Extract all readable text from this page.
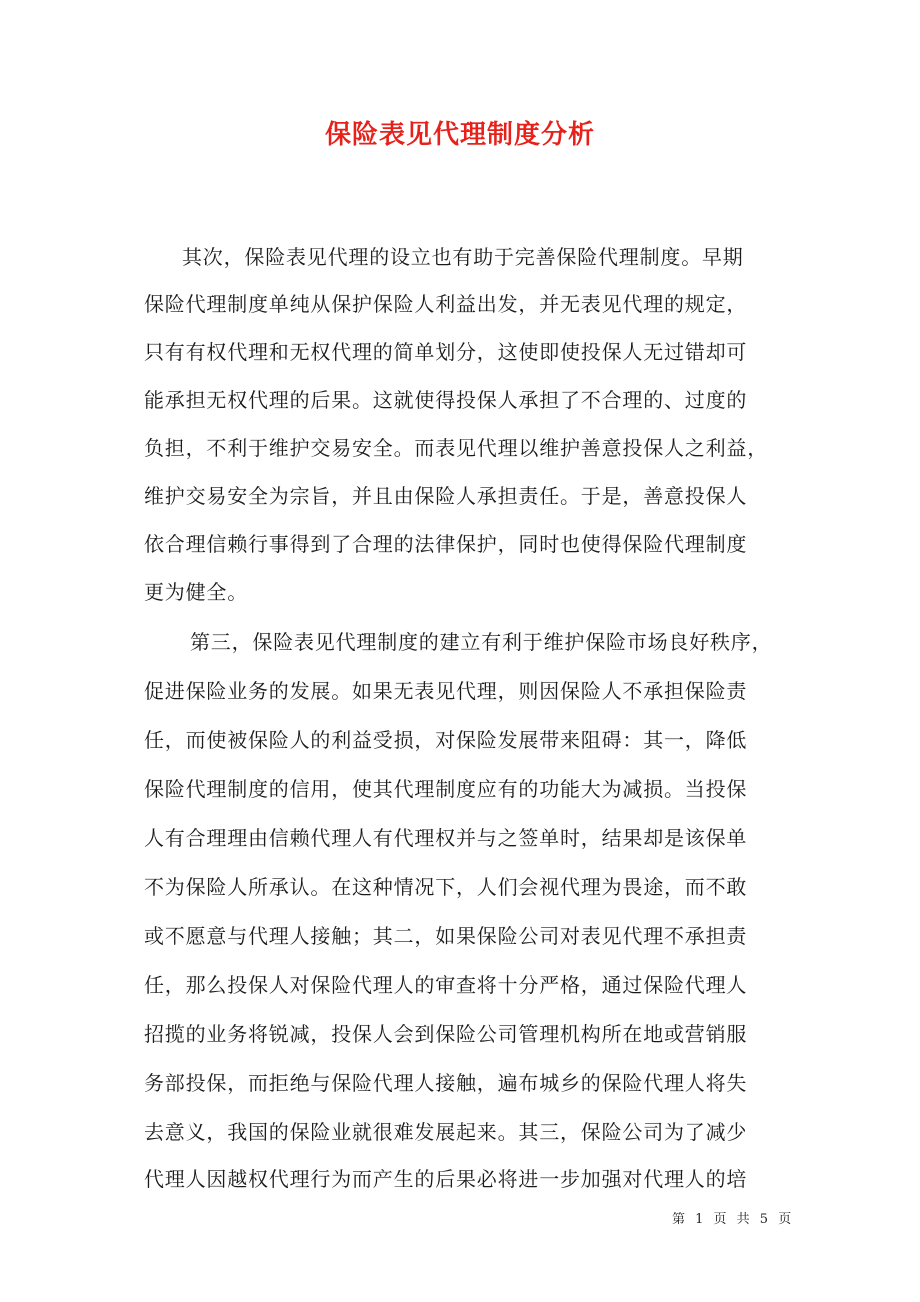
保险表见代理制度分析
其次，保险表见代理的设立也有助于完善保险代理制度。早期
保险代理制度单纯从保护保险人利益出发，并无表见代理的规定，
只有有权代理和无权代理的简单划分，这使即使投保人无过错却可
能承担无权代理的后果。这就使得投保人承担了不合理的、过度的
负担，不利于维护交易安全。而表见代理以维护善意投保人之利益，
维护交易安全为宗旨，并且由保险人承担责任。于是，善意投保人
依合理信赖行事得到了合理的法律保护，同时也使得保险代理制度
更为健全。
第三，保险表见代理制度的建立有利于维护保险市场良好秩序，
促进保险业务的发展。如果无表见代理，则因保险人不承担保险责
任，而使被保险人的利益受损，对保险发展带来阻碍：其一，降低
保险代理制度的信用，使其代理制度应有的功能大为减损。当投保
人有合理理由信赖代理人有代理权并与之签单时，结果却是该保单
不为保险人所承认。在这种情况下，人们会视代理为畏途，而不敢
或不愿意与代理人接触；其二，如果保险公司对表见代理不承担责
任，那么投保人对保险代理人的审查将十分严格，通过保险代理人
招揽的业务将锐减，投保人会到保险公司管理机构所在地或营销服
务部投保，而拒绝与保险代理人接触，遍布城乡的保险代理人将失
去意义，我国的保险业就很难发展起来。其三，保险公司为了减少
代理人因越权代理行为而产生的后果必将进一步加强对代理人的培
第 1 页 共 5 页
